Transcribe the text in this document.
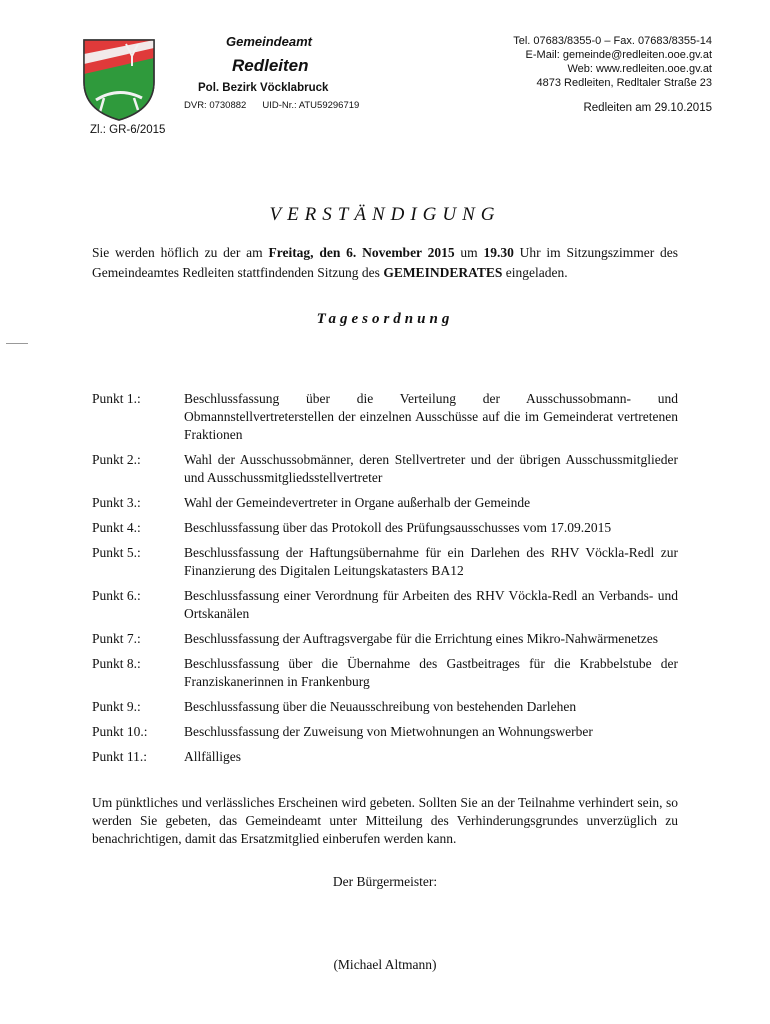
Gemeindeamt
Redleiten
Pol. Bezirk Vöcklabruck
DVR: 0730882 UID-Nr.: ATU59296719
Tel. 07683/8355-0 – Fax. 07683/8355-14
E-Mail: gemeinde@redleiten.ooe.gv.at
Web: www.redleiten.ooe.gv.at
4873 Redleiten, Redltaler Straße 23
Redleiten am 29.10.2015
Zl.: GR-6/2015
VERSTÄNDIGUNG
Sie werden höflich zu der am Freitag, den 6. November 2015 um 19.30 Uhr im Sitzungszimmer des Gemeindeamtes Redleiten stattfindenden Sitzung des GEMEINDERATES eingeladen.
Tagesordnung
Punkt 1.:	Beschlussfassung über die Verteilung der Ausschussobmann- und Obmannstellvertreterstellen der einzelnen Ausschüsse auf die im Gemeinderat vertretenen Fraktionen
Punkt 2.:	Wahl der Ausschussobmänner, deren Stellvertreter und der übrigen Ausschussmitglieder und Ausschussmitgliedsstellvertreter
Punkt 3.:	Wahl der Gemeindevertreter in Organe außerhalb der Gemeinde
Punkt 4.:	Beschlussfassung über das Protokoll des Prüfungsausschusses vom 17.09.2015
Punkt 5.:	Beschlussfassung der Haftungsübernahme für ein Darlehen des RHV Vöckla-Redl zur Finanzierung des Digitalen Leitungskatasters BA12
Punkt 6.:	Beschlussfassung einer Verordnung für Arbeiten des RHV Vöckla-Redl an Verbands- und Ortskanälen
Punkt 7.:	Beschlussfassung der Auftragsvergabe für die Errichtung eines Mikro-Nahwärmenetzes
Punkt 8.:	Beschlussfassung über die Übernahme des Gastbeitrages für die Krabbelstube der Franziskanerinnen in Frankenburg
Punkt 9.:	Beschlussfassung über die Neuausschreibung von bestehenden Darlehen
Punkt 10.:	Beschlussfassung der Zuweisung von Mietwohnungen an Wohnungswerber
Punkt 11.:	Allfälliges
Um pünktliches und verlässliches Erscheinen wird gebeten. Sollten Sie an der Teilnahme verhindert sein, so werden Sie gebeten, das Gemeindeamt unter Mitteilung des Verhinderungsgrundes unverzüglich zu benachrichtigen, damit das Ersatzmitglied einberufen werden kann.
Der Bürgermeister:
(Michael Altmann)
